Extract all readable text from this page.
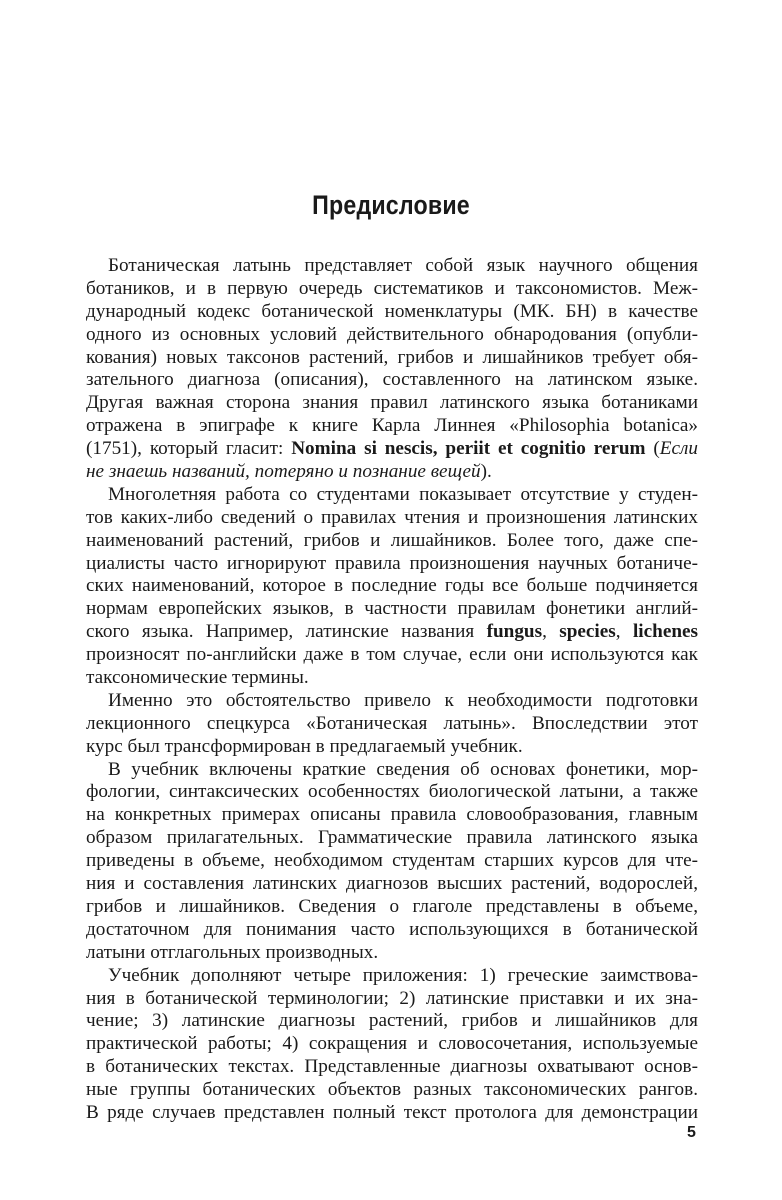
Предисловие
Ботаническая латынь представляет собой язык научного общения
ботаников, и в первую очередь систематиков и таксономистов. Меж-
дународный кодекс ботанической номенклатуры (МК. БН) в качестве
одного из основных условий действительного обнародования (опубли-
кования) новых таксонов растений, грибов и лишайников требует обя-
зательного диагноза (описания), составленного на латинском языке.
Другая важная сторона знания правил латинского языка ботаниками
отражена в эпиграфе к книге Карла Линнея «Philosophia botanica»
(1751), который гласит: Nomina si nescis, periit et cognitio rerum (Если
не знаешь названий, потеряно и познание вещей).
Многолетняя работа со студентами показывает отсутствие у студен-
тов каких-либо сведений о правилах чтения и произношения латинских
наименований растений, грибов и лишайников. Более того, даже спе-
циалисты часто игнорируют правила произношения научных ботаниче-
ских наименований, которое в последние годы все больше подчиняется
нормам европейских языков, в частности правилам фонетики англий-
ского языка. Например, латинские названия fungus, species, lichenes
произносят по-английски даже в том случае, если они используются как
таксономические термины.
Именно это обстоятельство привело к необходимости подготовки
лекционного спецкурса «Ботаническая латынь». Впоследствии этот
курс был трансформирован в предлагаемый учебник.
В учебник включены краткие сведения об основах фонетики, мор-
фологии, синтаксических особенностях биологической латыни, а также
на конкретных примерах описаны правила словообразования, главным
образом прилагательных. Грамматические правила латинского языка
приведены в объеме, необходимом студентам старших курсов для чте-
ния и составления латинских диагнозов высших растений, водорослей,
грибов и лишайников. Сведения о глаголе представлены в объеме,
достаточном для понимания часто использующихся в ботанической
латыни отглагольных производных.
Учебник дополняют четыре приложения: 1) греческие заимствова-
ния в ботанической терминологии; 2) латинские приставки и их зна-
чение; 3) латинские диагнозы растений, грибов и лишайников для
практической работы; 4) сокращения и словосочетания, используемые
в ботанических текстах. Представленные диагнозы охватывают основ-
ные группы ботанических объектов разных таксономических рангов.
В ряде случаев представлен полный текст протолога для демонстрации
5
